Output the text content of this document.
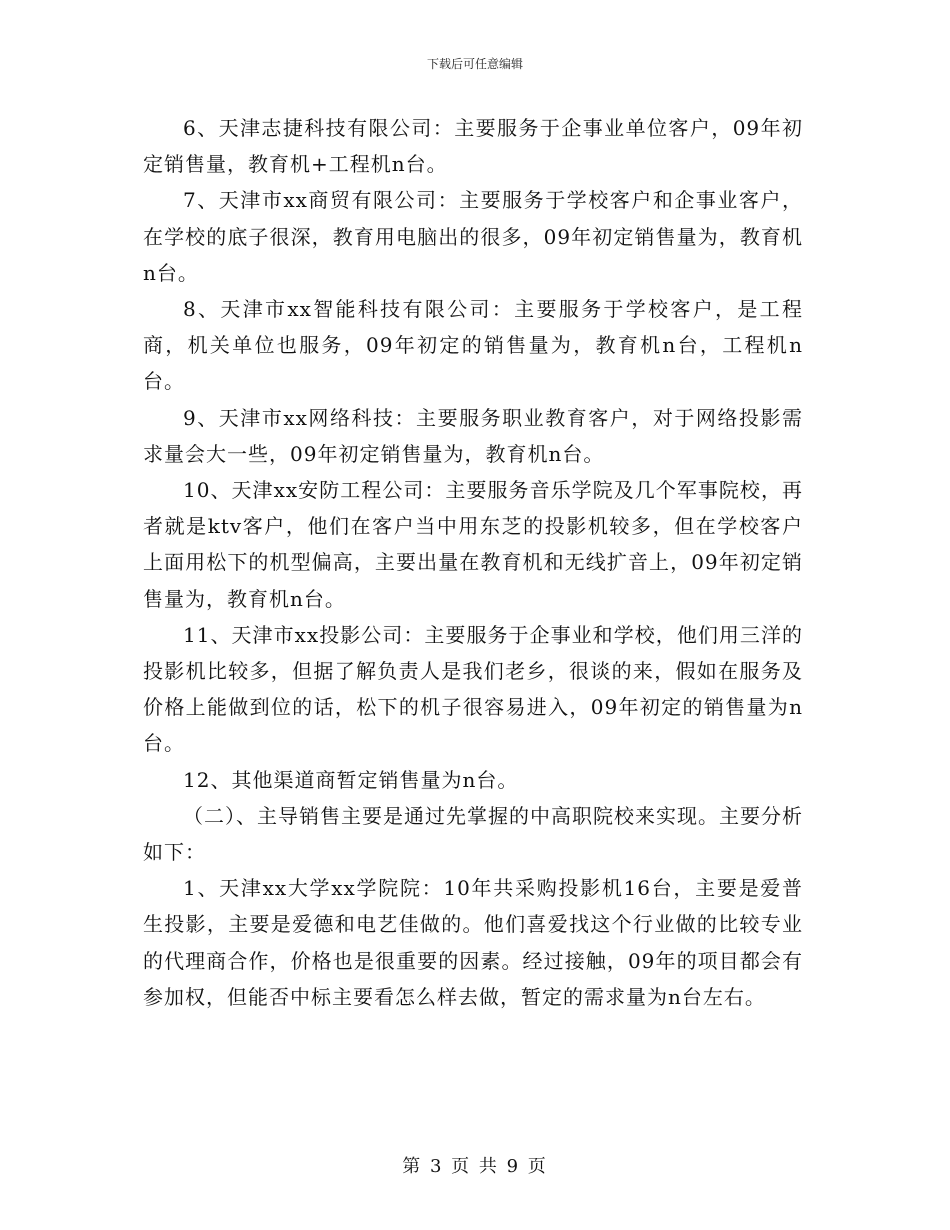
下载后可任意编辑

6、天津志捷科技有限公司：主要服务于企事业单位客户，09年初定销售量，教育机+工程机n台。

7、天津市xx商贸有限公司：主要服务于学校客户和企事业客户，在学校的底子很深，教育用电脑出的很多，09年初定销售量为，教育机n台。

8、天津市xx智能科技有限公司：主要服务于学校客户，是工程商，机关单位也服务，09年初定的销售量为，教育机n台，工程机n台。

9、天津市xx网络科技：主要服务职业教育客户，对于网络投影需求量会大一些，09年初定销售量为，教育机n台。

10、天津xx安防工程公司：主要服务音乐学院及几个军事院校，再者就是ktv客户，他们在客户当中用东芝的投影机较多，但在学校客户上面用松下的机型偏高，主要出量在教育机和无线扩音上，09年初定销售量为，教育机n台。

11、天津市xx投影公司：主要服务于企事业和学校，他们用三洋的投影机比较多，但据了解负责人是我们老乡，很谈的来，假如在服务及价格上能做到位的话，松下的机子很容易进入，09年初定的销售量为n台。

12、其他渠道商暂定销售量为n台。

（二）、主导销售主要是通过先掌握的中高职院校来实现。主要分析如下：

1、天津xx大学xx学院院：10年共采购投影机16台，主要是爱普生投影，主要是爱德和电艺佳做的。他们喜爱找这个行业做的比较专业的代理商合作，价格也是很重要的因素。经过接触，09年的项目都会有参加权，但能否中标主要看怎么样去做，暂定的需求量为n台左右。

第 3 页 共 9 页
